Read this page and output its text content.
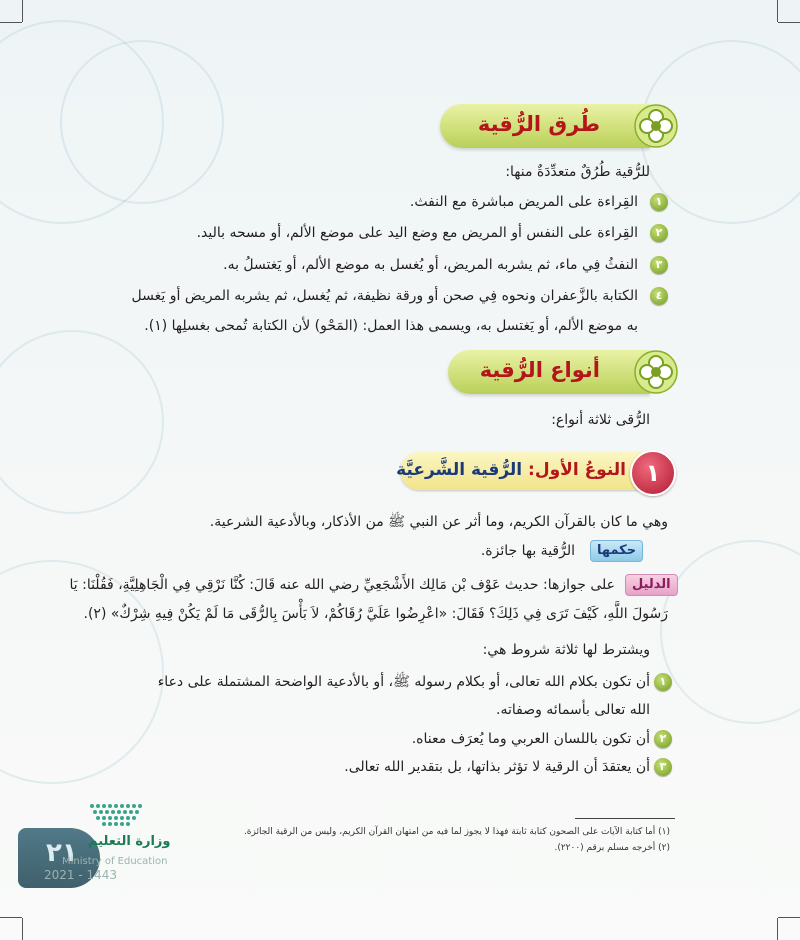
طُرق الرُّقية
للرُّقية طُرُقٌ متعدِّدَةٌ منها:
١
القِراءة على المريض مباشرة مع النفث.
٢
القِراءة على النفس أو المريض مع وضع اليد على موضع الألم، أو مسحه باليد.
٣
النفثُ فِي ماء، ثم يشربه المريض، أو يُغسل به موضع الألم، أو يَغتسلُ به.
٤
الكتابة بالزَّعفران ونحوه فِي صحن أو ورقة نظيفة، ثم يُغسل، ثم يشربه المريض أو يَغسل
به موضع الألم، أو يَغتسل به، ويسمى هذا العمل: (المَحْو) لأن الكتابة تُمحى بغسلِها (١).
أنواع الرُّقية
الرُّقى ثلاثة أنواع:
١
النوعُ الأول: الرُّقية الشَّرعيَّة
وهي ما كان بالقرآن الكريم، وما أثر عن النبي ﷺ من الأذكار، وبالأدعية الشرعية.
حكمها
الرُّقية بها جائزة.
الدليل
على جوازها: حديث عَوْف بْن مَالِك الأَشْجَعِيِّ رضي الله عنه قَالَ: كُنَّا نَرْقِي فِي الْجَاهِلِيَّةِ، فَقُلْنَا: يَا
رَسُولَ اللَّهِ، كَيْفَ تَرَى فِي ذَلِكَ؟ فَقَالَ: «اعْرِضُوا عَلَيَّ رُقَاكُمْ، لاَ بَأْسَ بِالرُّقَى مَا لَمْ يَكُنْ فِيهِ شِرْكٌ» (٢).
ويشترط لها ثلاثة شروط هي:
١
أن تكون بكلام الله تعالى، أو بكلام رسوله ﷺ، أو بالأدعية الواضحة المشتملة على دعاء
الله تعالى بأسمائه وصفاته.
٢
أن تكون باللسان العربي وما يُعرَف معناه.
٣
أن يعتقدَ أن الرقية لا تؤثر بذاتها، بل بتقدير الله تعالى.
(١) أما كتابة الآيات على الصحون كتابة ثابتة فهذا لا يجوز لما فيه من امتهان القرآن الكريم، وليس من الرقية الجائزة.
(٢) أخرجه مسلم برقم (٢٢٠٠).
٢١ وزارة التعليم
Ministry of Education
2021 - 1443
